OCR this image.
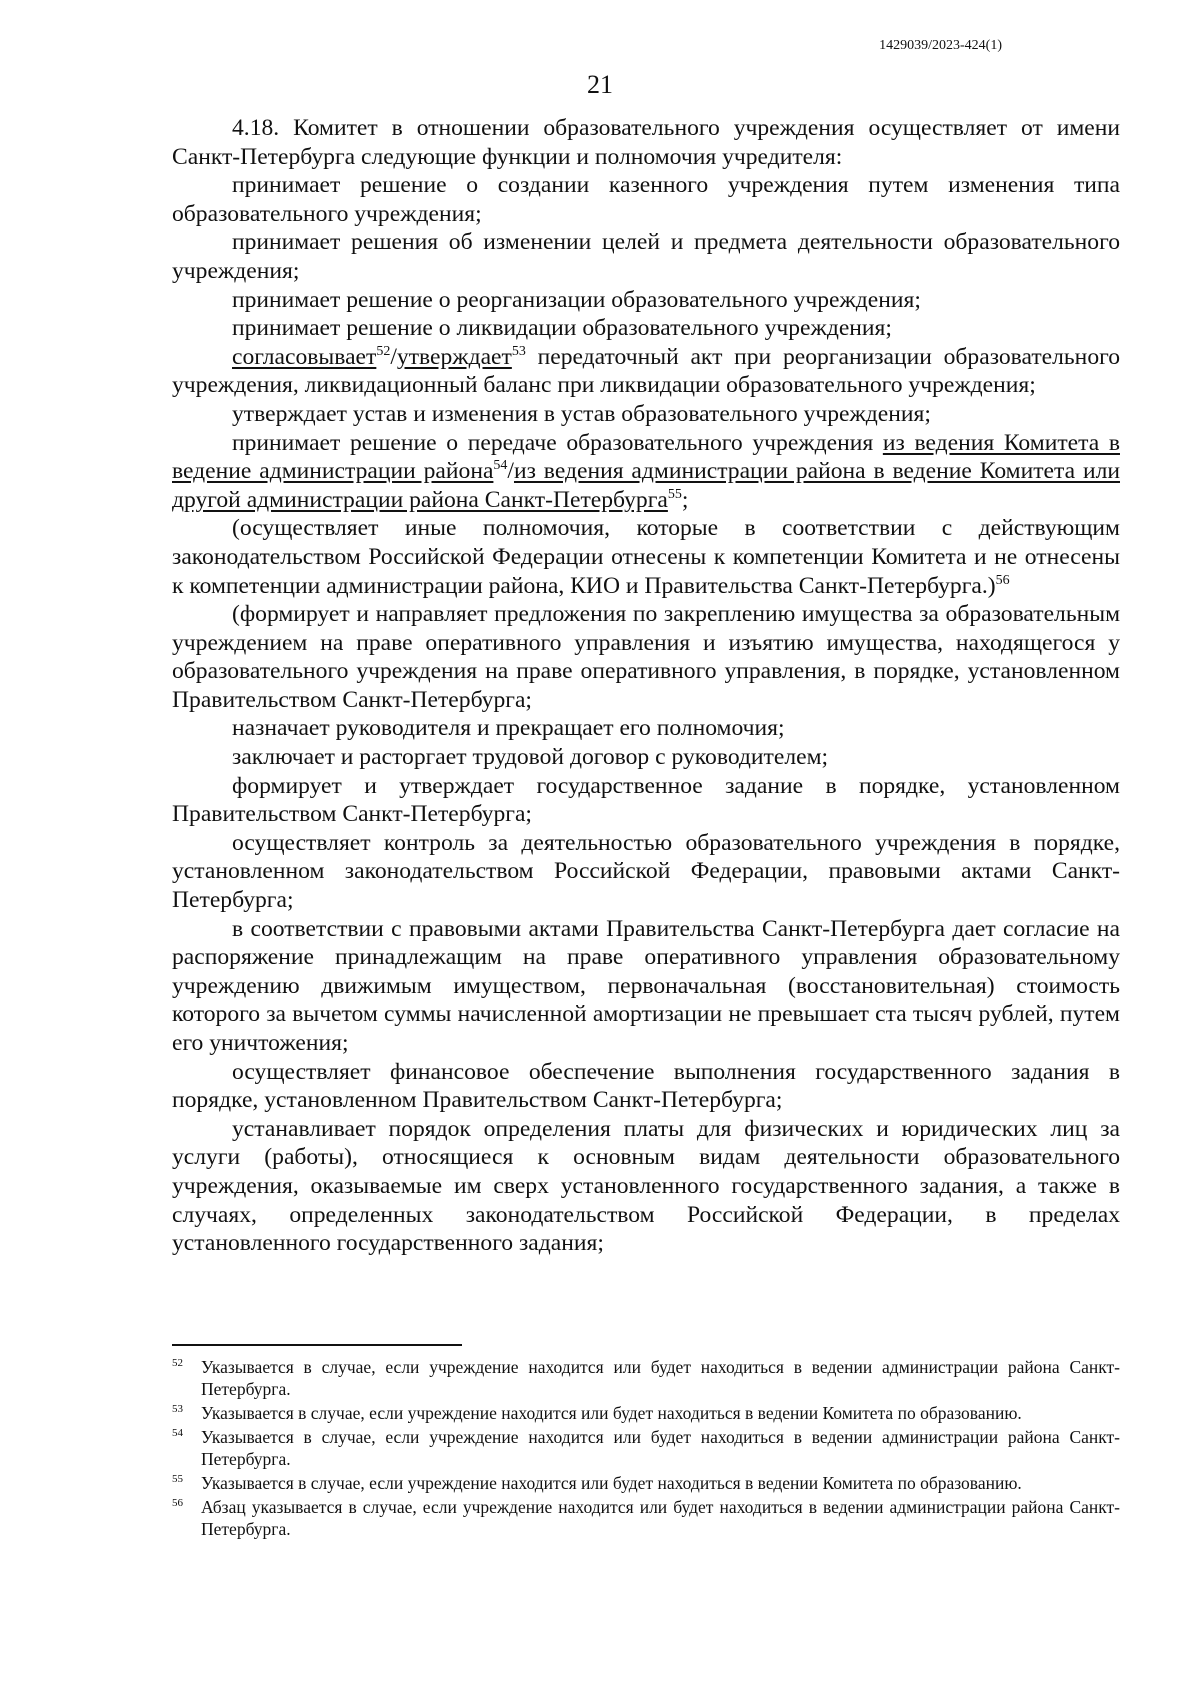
1429039/2023-424(1)
21

4.18. Комитет в отношении образовательного учреждения осуществляет от имени Санкт-Петербурга следующие функции и полномочия учредителя:

принимает решение о создании казенного учреждения путем изменения типа образовательного учреждения;

принимает решения об изменении целей и предмета деятельности образовательного учреждения;

принимает решение о реорганизации образовательного учреждения;

принимает решение о ликвидации образовательного учреждения;

согласовывает$^{52}$/утверждает$^{53}$ передаточный акт при реорганизации образовательного учреждения, ликвидационный баланс при ликвидации образовательного учреждения;

утверждает устав и изменения в устав образовательного учреждения;

принимает решение о передаче образовательного учреждения из ведения Комитета в ведение администрации района$^{54}$/из ведения администрации района в ведение Комитета или другой администрации района Санкт-Петербурга$^{55}$;

(осуществляет иные полномочия, которые в соответствии с действующим законодательством Российской Федерации отнесены к компетенции Комитета и не отнесены к компетенции администрации района, КИО и Правительства Санкт-Петербурга.)$^{56}$

(формирует и направляет предложения по закреплению имущества за образовательным учреждением на праве оперативного управления и изъятию имущества, находящегося у образовательного учреждения на праве оперативного управления, в порядке, установленном Правительством Санкт-Петербурга;

назначает руководителя и прекращает его полномочия;

заключает и расторгает трудовой договор с руководителем;

формирует и утверждает государственное задание в порядке, установленном Правительством Санкт-Петербурга;

осуществляет контроль за деятельностью образовательного учреждения в порядке, установленном законодательством Российской Федерации, правовыми актами Санкт-Петербурга;

в соответствии с правовыми актами Правительства Санкт-Петербурга дает согласие на распоряжение принадлежащим на праве оперативного управления образовательному учреждению движимым имуществом, первоначальная (восстановительная) стоимость которого за вычетом суммы начисленной амортизации не превышает ста тысяч рублей, путем его уничтожения;

осуществляет финансовое обеспечение выполнения государственного задания в порядке, установленном Правительством Санкт-Петербурга;

устанавливает порядок определения платы для физических и юридических лиц за услуги (работы), относящиеся к основным видам деятельности образовательного учреждения, оказываемые им сверх установленного государственного задания, а также в случаях, определенных законодательством Российской Федерации, в пределах установленного государственного задания;

52 Указывается в случае, если учреждение находится или будет находиться в ведении администрации района Санкт-Петербурга.
53 Указывается в случае, если учреждение находится или будет находиться в ведении Комитета по образованию.
54 Указывается в случае, если учреждение находится или будет находиться в ведении администрации района Санкт-Петербурга.
55 Указывается в случае, если учреждение находится или будет находиться в ведении Комитета по образованию.
56 Абзац указывается в случае, если учреждение находится или будет находиться в ведении администрации района Санкт-Петербурга.
